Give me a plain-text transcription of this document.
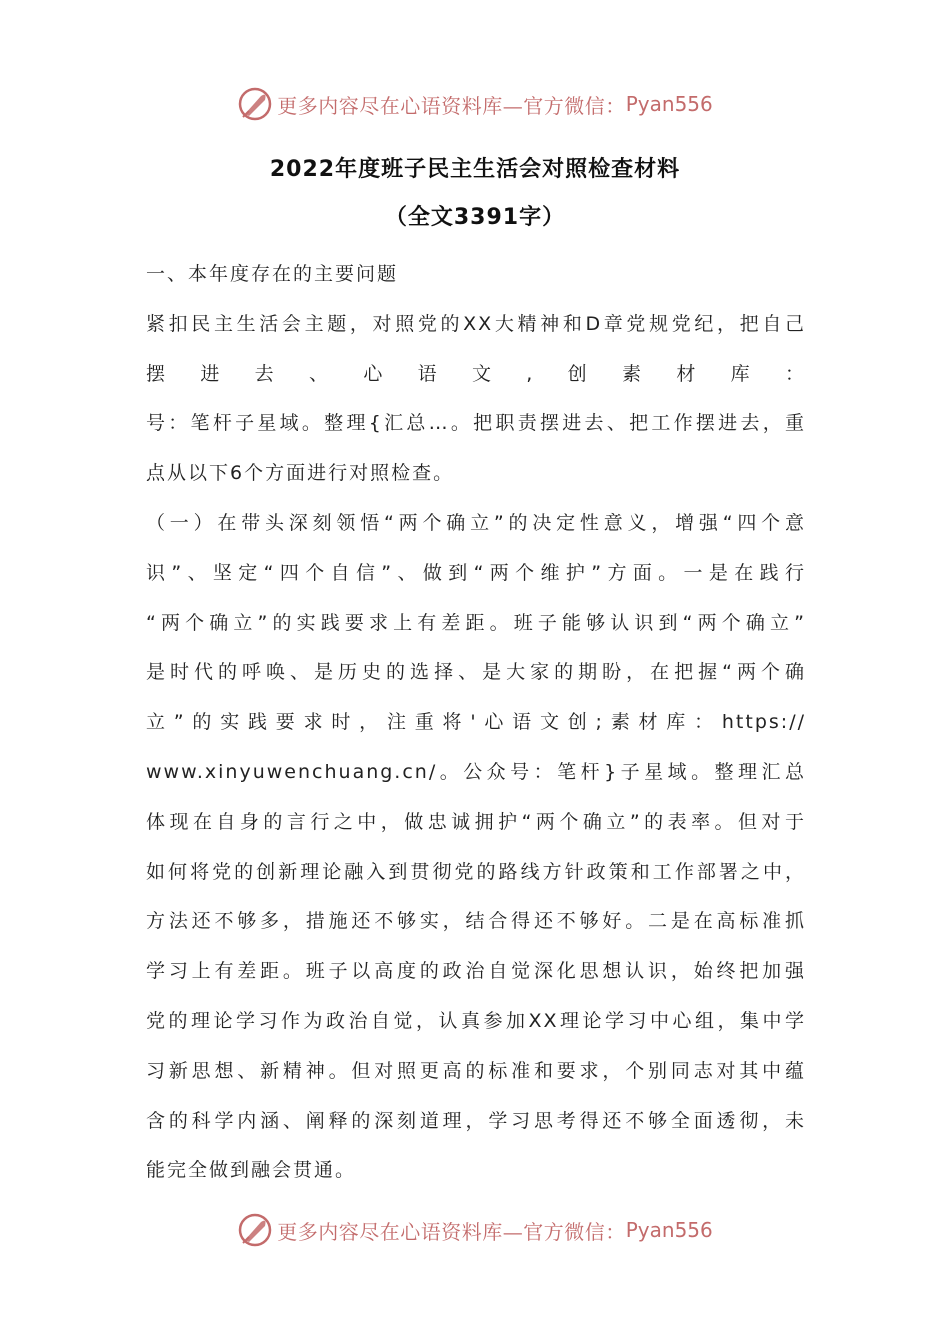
更多内容尽在心语资料库—官方微信： Pyan556
2022年度班子民主生活会对照检查材料
（全文3391字）
一、本年度存在的主要问题
紧扣民主生活会主题，对照党的XX大精神和D章党规党纪，把自己
摆进去、心语文,创素材库：
号：笔杆子星域。整理{汇总…。把职责摆进去、把工作摆进去，重
点从以下6个方面进行对照检查。
（一）在带头深刻领悟“两个确立”的决定性意义，增强“四个意
识”、坚定“四个自信”、做到“两个维护”方面。一是在践行
“两个确立”的实践要求上有差距。班子能够认识到“两个确立”
是时代的呼唤、是历史的选择、是大家的期盼，在把握“两个确
立”的实践要求时，注重将'心语文创;素材库：https://
www.xinyuwenchuang.cn/。公众号：笔杆}子星域。整理汇总
体现在自身的言行之中，做忠诚拥护“两个确立”的表率。但对于
如何将党的创新理论融入到贯彻党的路线方针政策和工作部署之中，
方法还不够多，措施还不够实，结合得还不够好。二是在高标准抓
学习上有差距。班子以高度的政治自觉深化思想认识，始终把加强
党的理论学习作为政治自觉，认真参加XX理论学习中心组，集中学
习新思想、新精神。但对照更高的标准和要求，个别同志对其中蕴
含的科学内涵、阐释的深刻道理，学习思考得还不够全面透彻，未
能完全做到融会贯通。
更多内容尽在心语资料库—官方微信： Pyan556
